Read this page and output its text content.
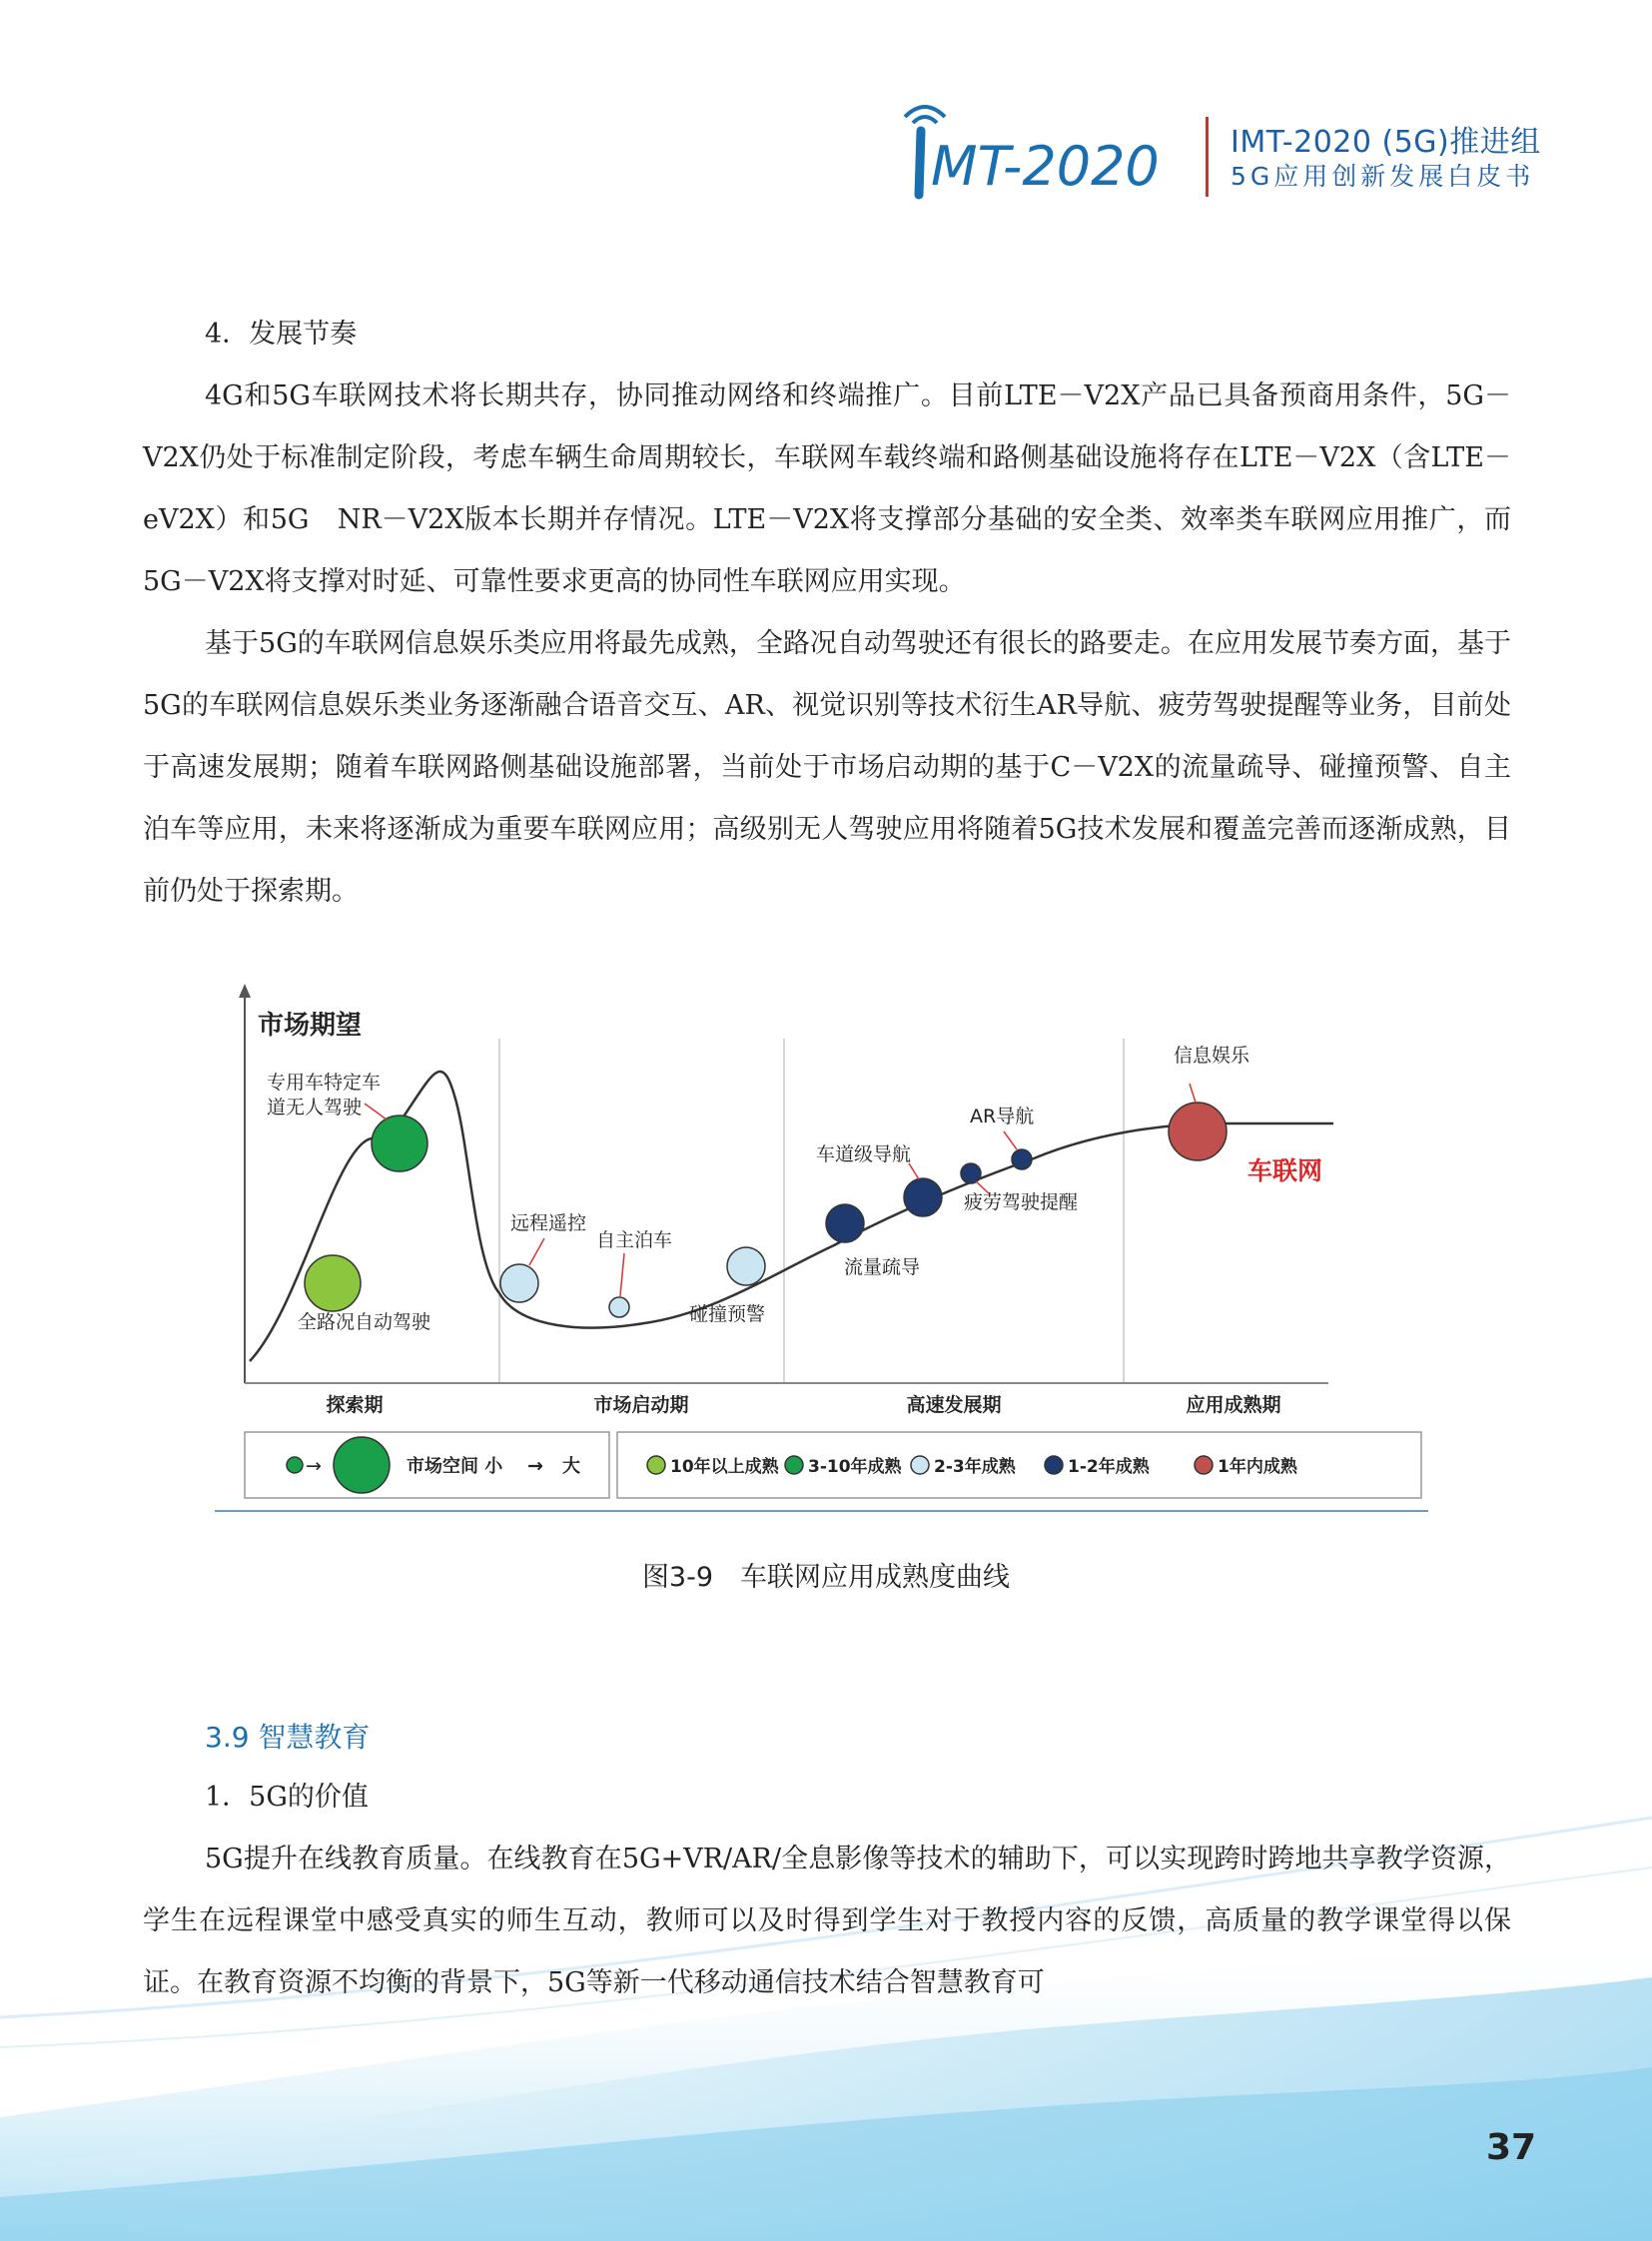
MT-2020 IMT-2020 (5G)推进组
5G应用创新发展白皮书

4．发展节奏

4G和5G车联网技术将长期共存，协同推动网络和终端推广。目前LTE－V2X产品已具备预商用条件，5G－V2X仍处于标准制定阶段，考虑车辆生命周期较长，车联网车载终端和路侧基础设施将存在LTE－V2X（含LTE－eV2X）和5G　NR－V2X版本长期并存情况。LTE－V2X将支撑部分基础的安全类、效率类车联网应用推广，而5G－V2X将支撑对时延、可靠性要求更高的协同性车联网应用实现。

基于5G的车联网信息娱乐类应用将最先成熟，全路况自动驾驶还有很长的路要走。在应用发展节奏方面，基于5G的车联网信息娱乐类业务逐渐融合语音交互、AR、视觉识别等技术衍生AR导航、疲劳驾驶提醒等业务，目前处于高速发展期；随着车联网路侧基础设施部署，当前处于市场启动期的基于C－V2X的流量疏导、碰撞预警、自主泊车等应用，未来将逐渐成为重要车联网应用；高级别无人驾驶应用将随着5G技术发展和覆盖完善而逐渐成熟，目前仍处于探索期。

市场期望
专用车特定车
道无人驾驶
全路况自动驾驶
远程遥控
自主泊车
碰撞预警
流量疏导
车道级导航
疲劳驾驶提醒
AR导航
信息娱乐
车联网
探索期	市场启动期	高速发展期	应用成熟期
→	市场空间 小 → 大	10年以上成熟 3-10年成熟 2-3年成熟	1-2年成熟	1年内成熟
图3-9　车联网应用成熟度曲线
3.9 智慧教育

1．5G的价值

5G提升在线教育质量。在线教育在5G+VR/AR/全息影像等技术的辅助下，可以实现跨时跨地共享教学资源，学生在远程课堂中感受真实的师生互动，教师可以及时得到学生对于教授内容的反馈，高质量的教学课堂得以保证。在教育资源不均衡的背景下，5G等新一代移动通信技术结合智慧教育可

37
